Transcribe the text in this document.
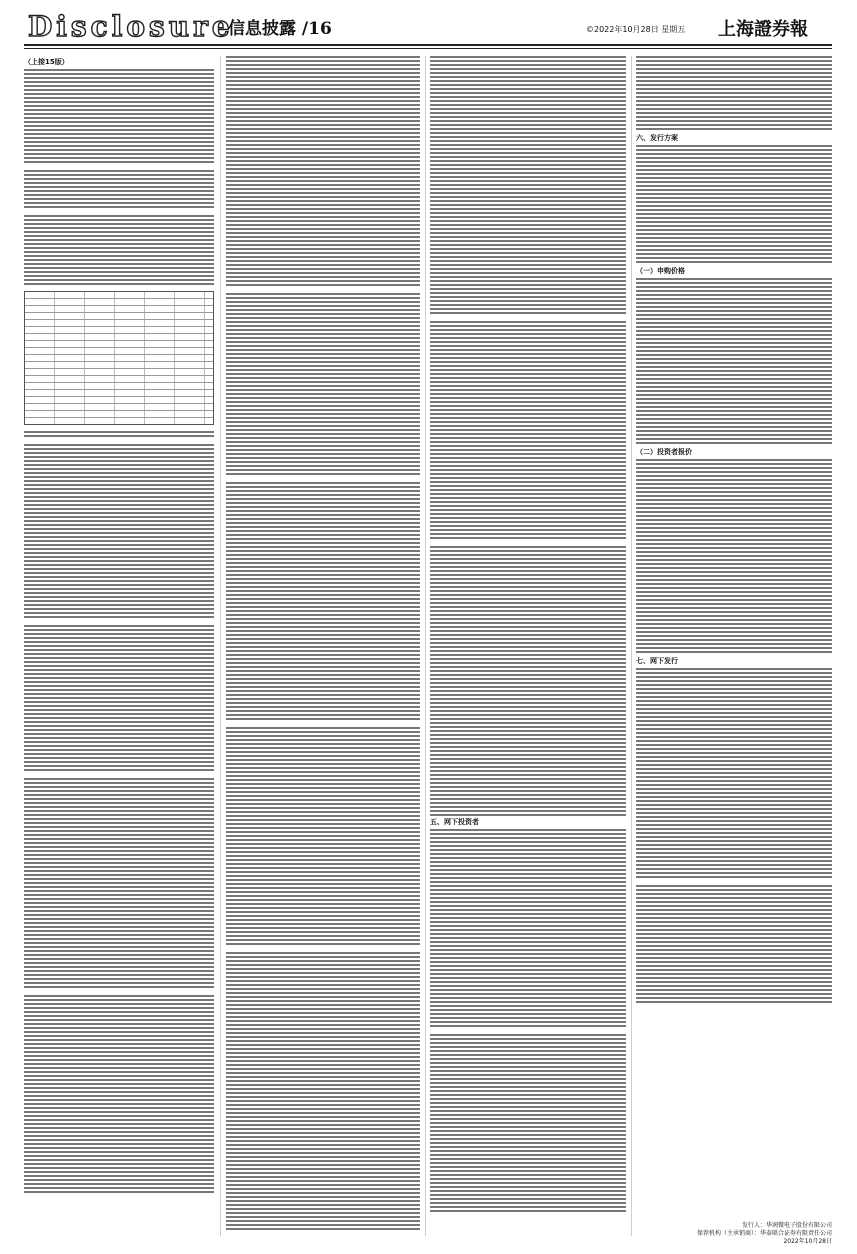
Disclosure
信息披露 /16	©2022年10月28日 星期五 上海證券報
（上接15版）
五、网下投资者
六、发行方案
（一）申购价格
（二）投资者报价
七、网下发行
发行人：华润微电子股份有限公司
保荐机构（主承销商）：华泰联合证券有限责任公司
2022年10月28日
